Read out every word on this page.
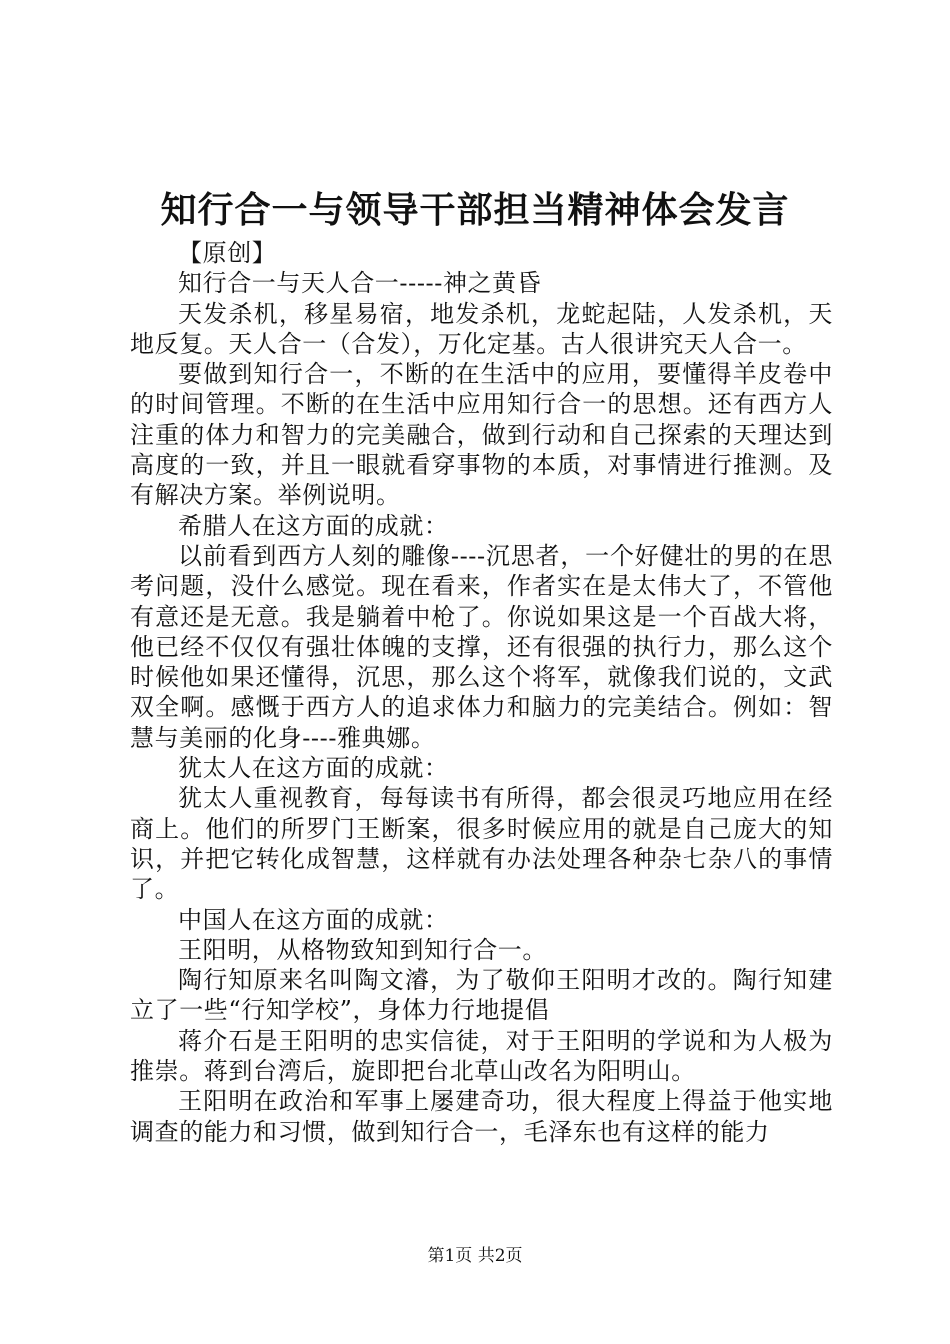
知行合一与领导干部担当精神体会发言

【原创】

知行合一与天人合一-----神之黄昏

天发杀机，移星易宿，地发杀机，龙蛇起陆，人发杀机，天地反复。天人合一（合发），万化定基。古人很讲究天人合一。

要做到知行合一，不断的在生活中的应用，要懂得羊皮卷中的时间管理。不断的在生活中应用知行合一的思想。还有西方人注重的体力和智力的完美融合，做到行动和自己探索的天理达到高度的一致，并且一眼就看穿事物的本质，对事情进行推测。及有解决方案。举例说明。

希腊人在这方面的成就：

以前看到西方人刻的雕像----沉思者，一个好健壮的男的在思考问题，没什么感觉。现在看来，作者实在是太伟大了，不管他有意还是无意。我是躺着中枪了。你说如果这是一个百战大将，他已经不仅仅有强壮体魄的支撑，还有很强的执行力，那么这个时候他如果还懂得，沉思，那么这个将军，就像我们说的，文武双全啊。感慨于西方人的追求体力和脑力的完美结合。例如：智慧与美丽的化身----雅典娜。

犹太人在这方面的成就：

犹太人重视教育，每每读书有所得，都会很灵巧地应用在经商上。他们的所罗门王断案，很多时候应用的就是自己庞大的知识，并把它转化成智慧，这样就有办法处理各种杂七杂八的事情了。

中国人在这方面的成就：

王阳明，从格物致知到知行合一。

陶行知原来名叫陶文濬，为了敬仰王阳明才改的。陶行知建立了一些“行知学校”，身体力行地提倡

蒋介石是王阳明的忠实信徒，对于王阳明的学说和为人极为推崇。蒋到台湾后，旋即把台北草山改名为阳明山。

王阳明在政治和军事上屡建奇功，很大程度上得益于他实地调查的能力和习惯，做到知行合一，毛泽东也有这样的能力

第1页 共2页
